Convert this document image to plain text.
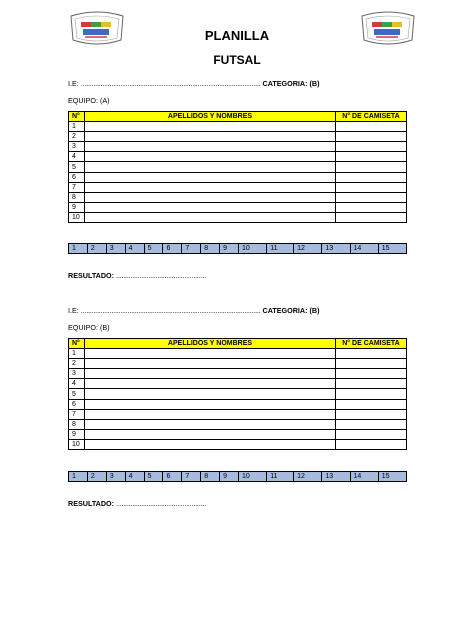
PLANILLA
FUTSAL
I.E: .................................................................................................... CATEGORIA: (B)
EQUIPO: (A)
N°	APELLIDOS Y NOMBRES	N° DE CAMISETA
1		
2		
3		
4		
5		
6		
7		
8		
9		
10		
1	2	3	4	5	6	7	8	9	10	11	12	13	14	15
RESULTADO: ..................................................
I.E: .................................................................................................... CATEGORIA: (B)
EQUIPO: (B)
N°	APELLIDOS Y NOMBRES	N° DE CAMISETA
1		
2		
3		
4		
5		
6		
7		
8		
9		
10		
1	2	3	4	5	6	7	8	9	10	11	12	13	14	15
RESULTADO: ..................................................
